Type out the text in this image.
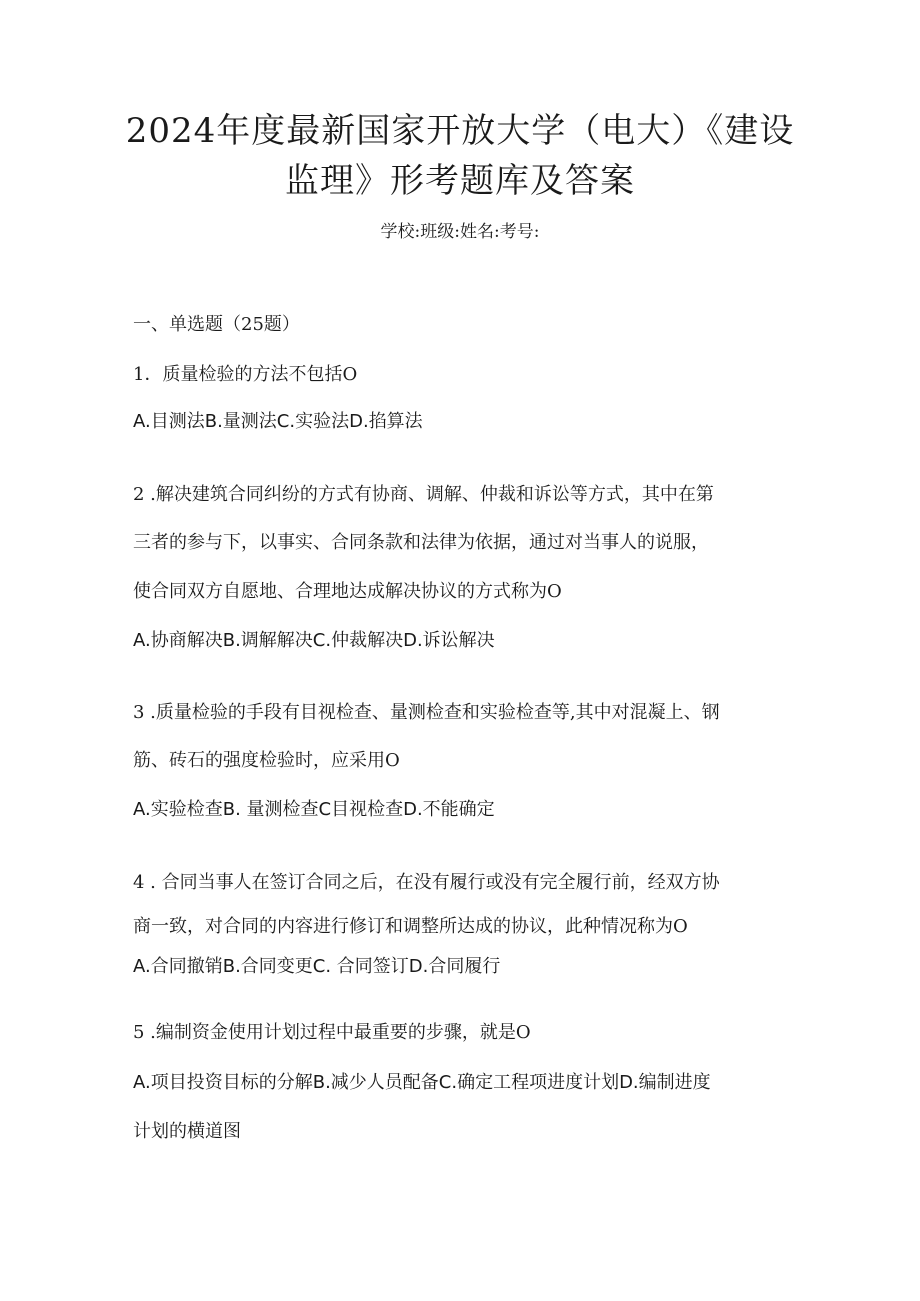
2024年度最新国家开放大学（电大）《建设
监理》形考题库及答案
学校:班级:姓名:考号:
一、单选题（25题）
1．质量检验的方法不包括O
A.目测法B.量测法C.实验法D.掐算法
2 .解决建筑合同纠纷的方式有协商、调解、仲裁和诉讼等方式，其中在第
三者的参与下，以事实、合同条款和法律为依据，通过对当事人的说服，
使合同双方自愿地、合理地达成解决协议的方式称为O
A.协商解决B.调解解决C.仲裁解决D.诉讼解决
3 .质量检验的手段有目视检查、量测检查和实验检查等,其中对混凝上、钢
筋、砖石的强度检验时，应采用O
A.实验检查B. 量测检查C目视检查D.不能确定
4 . 合同当事人在签订合同之后，在没有履行或没有完全履行前，经双方协
商一致，对合同的内容进行修订和调整所达成的协议，此种情况称为O
A.合同撤销B.合同变更C. 合同签订D.合同履行
5 .编制资金使用计划过程中最重要的步骤，就是O
A.项目投资目标的分解B.减少人员配备C.确定工程项进度计划D.编制进度
计划的横道图
